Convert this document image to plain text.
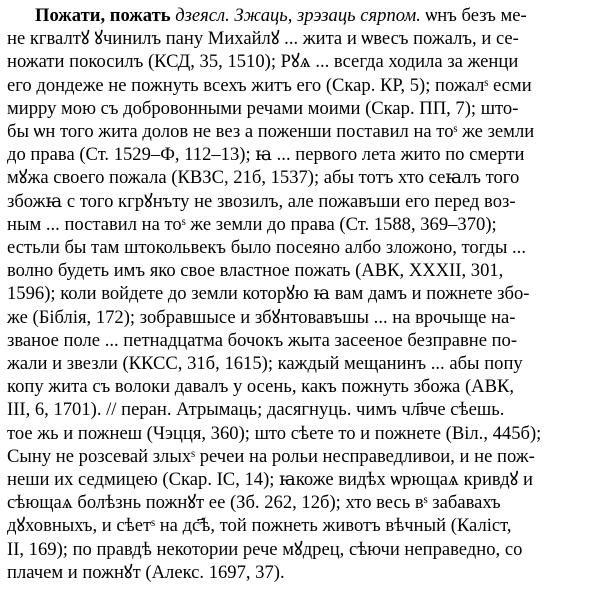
Пожати, пожать дзеясл. Зжаць, зрэзаць сярпом. ѡнъ безъ ме-
не кгвалтꙋ ꙋчинилъ пану Михайлꙋ ... жита и ѡвесъ пожалъ, и се-
ножати покосилъ (КСД, 35, 1510); Рꙋѧ ... всегда ходила за женци
его дондеже не пожнуть всехъ житъ его (Скар. КР, 5); пожалˢ есми
мирру мою съ добровонными речами моими (Скар. ПП, 7); што-
бы ѡн того жита долов не вез а поженши поставил на тоˢ же земли
до права (Ст. 1529–Ф, 112–13); ꙗ ... первого лета жито по смерти
мꙋжа своего пожала (КВЗС, 21б, 1537); абы тотъ хто сеꙗлъ того
збожꙗ с того кгрꙋнъту не звозилъ, але пожавъши его перед воз-
ным ... поставил на тоˢ же земли до права (Ст. 1588, 369–370);
естьли бы там штокольвекъ было посеяно албо зложоно, тогды ...
волно будеть имъ яко свое властное пожать (АВК, XXXII, 301,
1596); коли войдете до земли которꙋю ꙗ вам дамъ и пожнете збо-
же (Біблія, 172); зобравшысе и збꙋнтовавъшы ... на врочыще на-
званое поле ... петнадцатма бочокъ жыта засееное безправне по-
жали и звезли (ККСС, 31б, 1615); каждый мещанинъ ... абы попу
копу жита съ волоки давалъ у осень, какъ пожнуть збожа (АВК,
III, 6, 1701). // перан. Атрымаць; дасягнуць. чимъ чл҃вче сѣешь.
тое жь и пожнеш (Чэцця, 360); што сѣете то и пожнете (Віл., 445б);
Сыну не розсевай злыхˢ речеи на рольи несправедливои, и не пож-
неши их седмицею (Скар. ІС, 14); ꙗкоже видѣх ѡрющаѧ кривдꙋ и
сѣющаѧ болѣзнь пожнꙋт ее (Зб. 262, 12б); хто весь вˢ забавахъ
дꙋховныхъ, и сѣетˢ на дс҃ѣ, той пожнеть животъ вѣчный (Каліст,
II, 169); по правдѣ некотории рече мꙋдрец, сѣючи неправедно, со
плачем и пожнꙋт (Алекс. 1697, 37).
